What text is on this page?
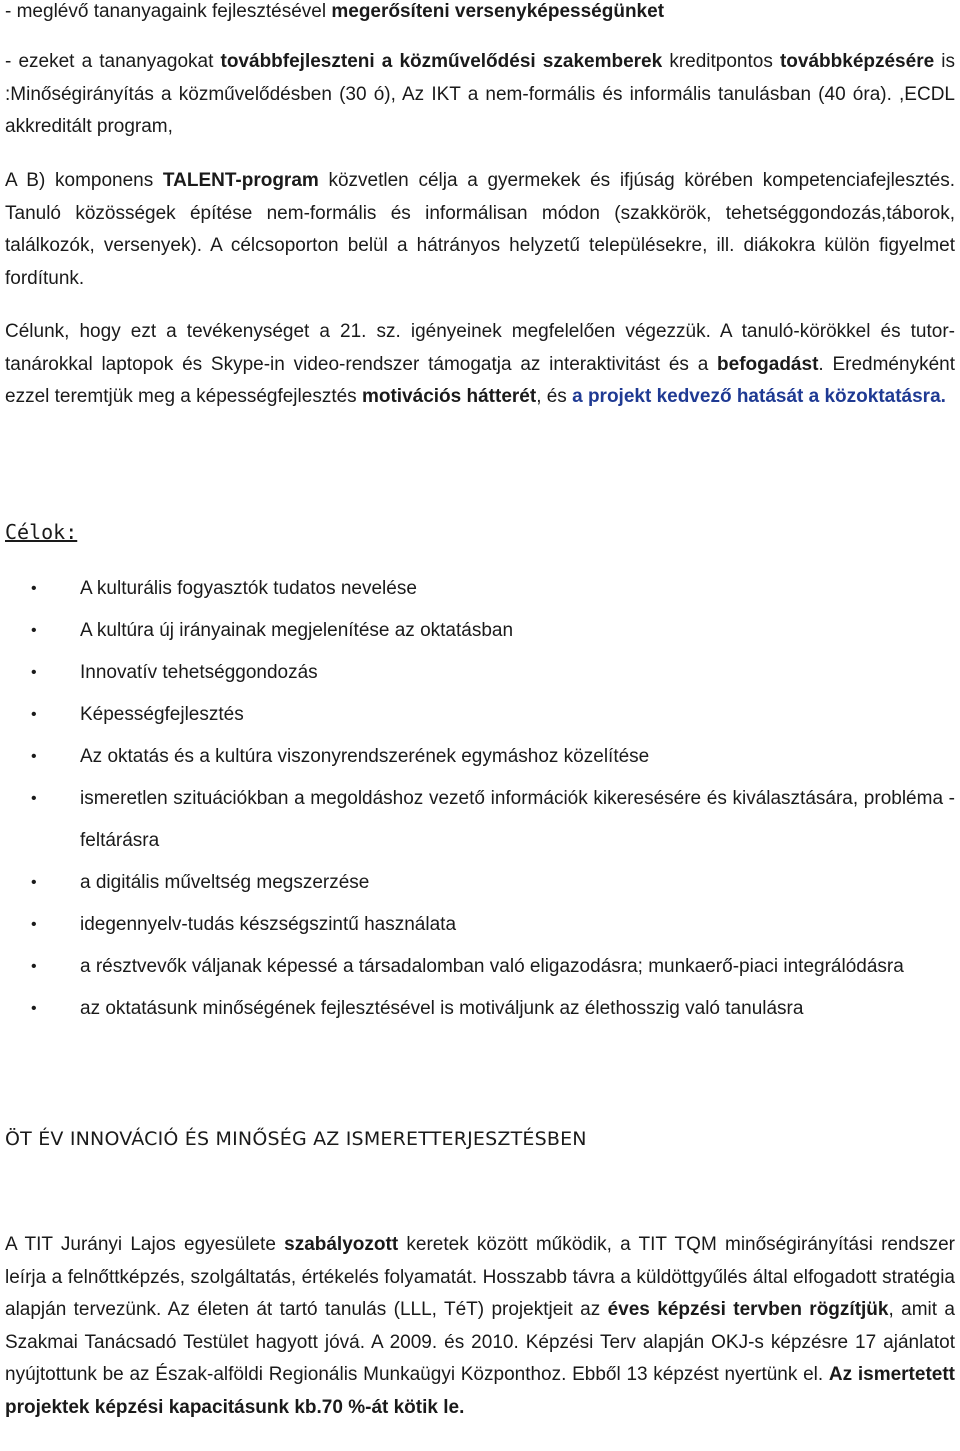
- meglévő tananyagaink fejlesztésével megerősíteni versenyképességünket

- ezeket a tananyagokat továbbfejleszteni a közművelődési szakemberek kreditpontos továbbképzésére is :Minőségirányítás a közművelődésben (30 ó), Az IKT a nem-formális és informális tanulásban (40 óra). ,ECDL akkreditált program,

A B) komponens TALENT-program közvetlen célja a gyermekek és ifjúság körében kompetenciafejlesztés. Tanuló közösségek építése nem-formális és informálisan módon (szakkörök, tehetséggondozás,táborok, találkozók, versenyek). A célcsoporton belül a hátrányos helyzetű településekre, ill. diákokra külön figyelmet fordítunk.

Célunk, hogy ezt a tevékenységet a 21. sz. igényeinek megfelelően végezzük. A tanuló-körökkel és tutor- tanárokkal laptopok és Skype-in video-rendszer támogatja az interaktivitást és a befogadást. Eredményként ezzel teremtjük meg a képességfejlesztés motivációs hátterét, és a projekt kedvező hatását a közoktatásra.

Célok:
• A kulturális fogyasztók tudatos nevelése
• A kultúra új irányainak megjelenítése az oktatásban
• Innovatív tehetséggondozás
• Képességfejlesztés
• Az oktatás és a kultúra viszonyrendszerének egymáshoz közelítése
• ismeretlen szituációkban a megoldáshoz vezető információk kikeresésére és kiválasztására, probléma - feltárásra
• a digitális műveltség megszerzése
• idegennyelv-tudás készségszintű használata
• a résztvevők váljanak képessé a társadalomban való eligazodásra; munkaerő-piaci integrálódásra
• az oktatásunk minőségének fejlesztésével is motiváljunk az élethosszig való tanulásra
ÖT ÉV INNOVÁCIÓ ÉS MINŐSÉG AZ ISMERETTERJESZTÉSBEN

A TIT Jurányi Lajos egyesülete szabályozott keretek között működik, a TIT TQM minőségirányítási rendszer leírja a felnőttképzés, szolgáltatás, értékelés folyamatát. Hosszabb távra a küldöttgyűlés által elfogadott stratégia alapján tervezünk. Az életen át tartó tanulás (LLL, TéT) projektjeit az éves képzési tervben rögzítjük, amit a Szakmai Tanácsadó Testület hagyott jóvá. A 2009. és 2010. Képzési Terv alapján OKJ-s képzésre 17 ajánlatot nyújtottunk be az Észak-alföldi Regionális Munkaügyi Központhoz. Ebből 13 képzést nyertünk el. Az ismertetett projektek képzési kapacitásunk kb.70 %-át kötik le.
